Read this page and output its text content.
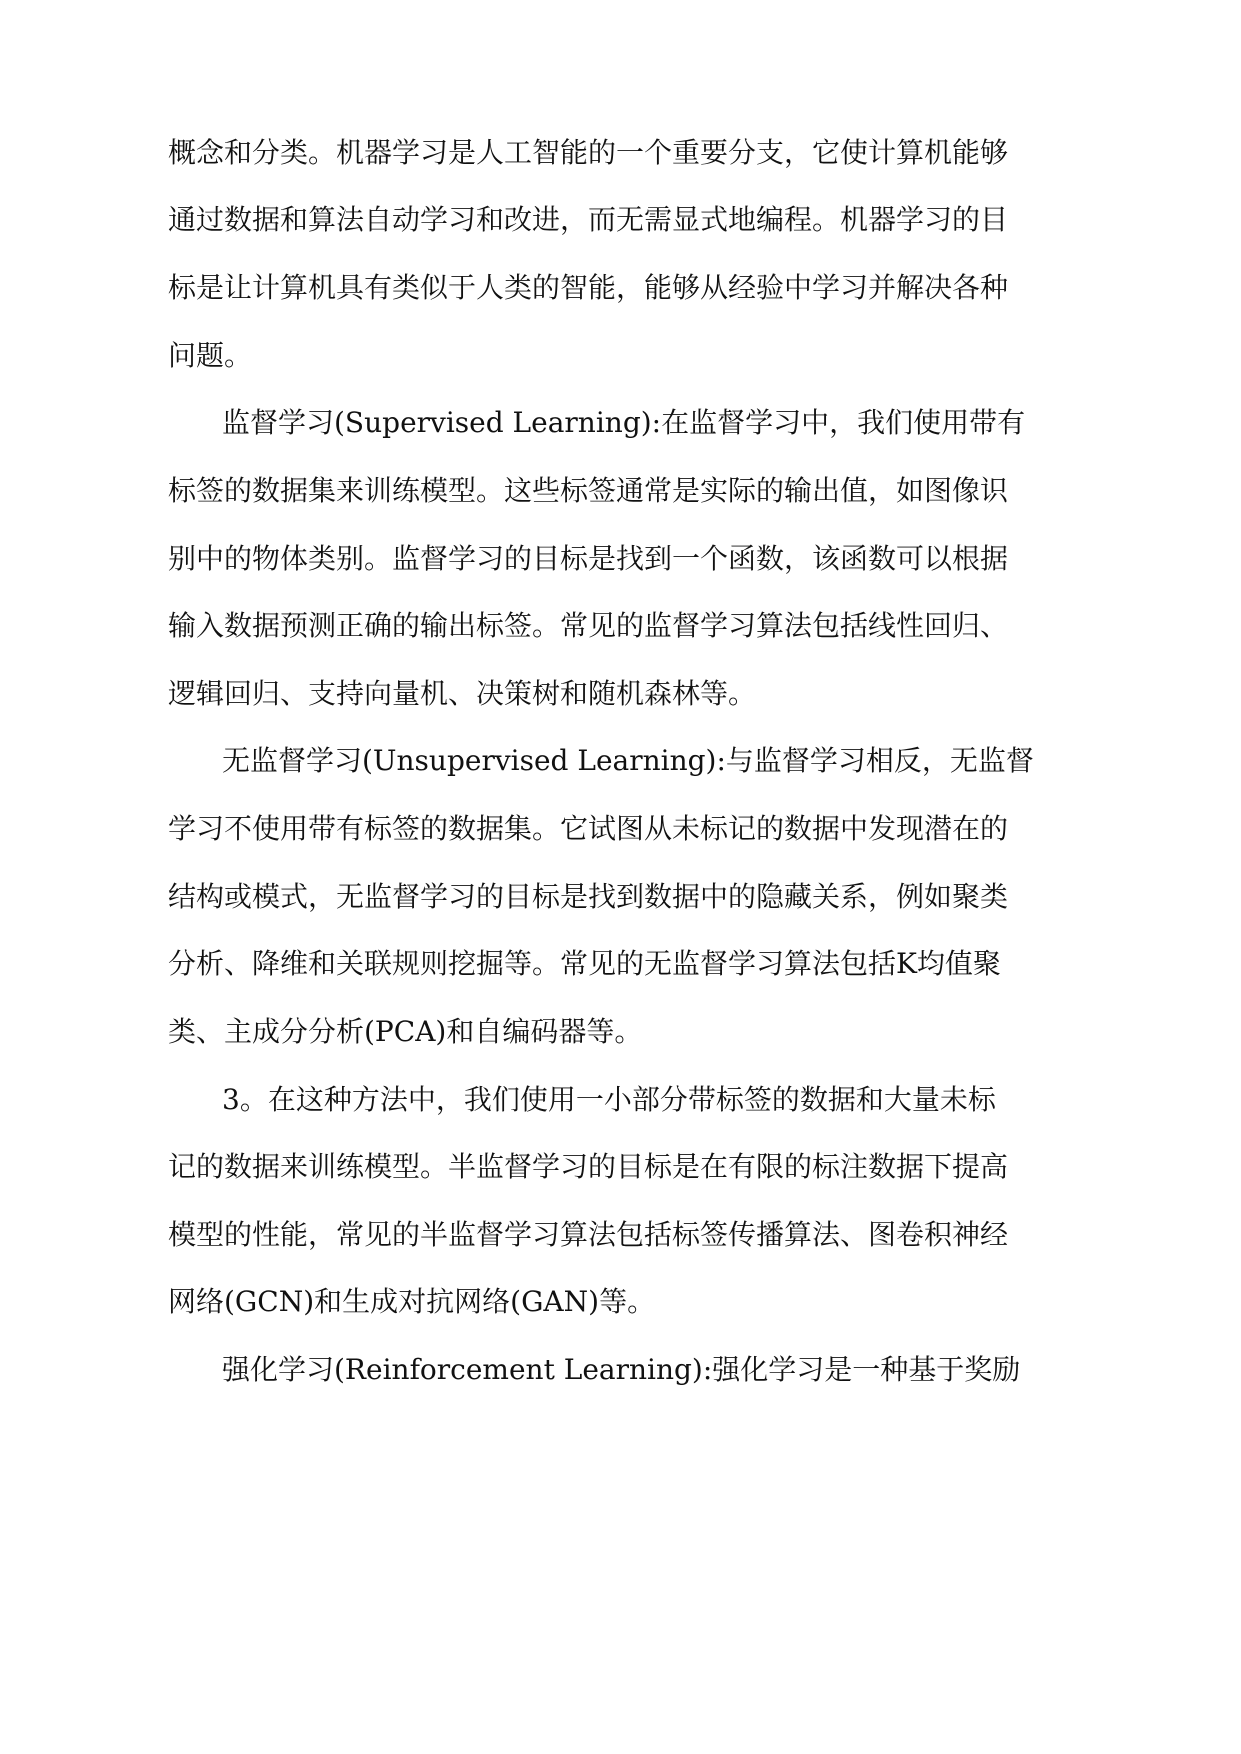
概念和分类。机器学习是人工智能的一个重要分支，它使计算机能够
通过数据和算法自动学习和改进，而无需显式地编程。机器学习的目
标是让计算机具有类似于人类的智能，能够从经验中学习并解决各种
问题。
监督学习(Supervised Learning):在监督学习中，我们使用带有
标签的数据集来训练模型。这些标签通常是实际的输出值，如图像识
别中的物体类别。监督学习的目标是找到一个函数，该函数可以根据
输入数据预测正确的输出标签。常见的监督学习算法包括线性回归、
逻辑回归、支持向量机、决策树和随机森林等。
无监督学习(Unsupervised Learning):与监督学习相反，无监督
学习不使用带有标签的数据集。它试图从未标记的数据中发现潜在的
结构或模式，无监督学习的目标是找到数据中的隐藏关系，例如聚类
分析、降维和关联规则挖掘等。常见的无监督学习算法包括K均值聚
类、主成分分析(PCA)和自编码器等。
3。在这种方法中，我们使用一小部分带标签的数据和大量未标
记的数据来训练模型。半监督学习的目标是在有限的标注数据下提高
模型的性能，常见的半监督学习算法包括标签传播算法、图卷积神经
网络(GCN)和生成对抗网络(GAN)等。
强化学习(Reinforcement Learning):强化学习是一种基于奖励
